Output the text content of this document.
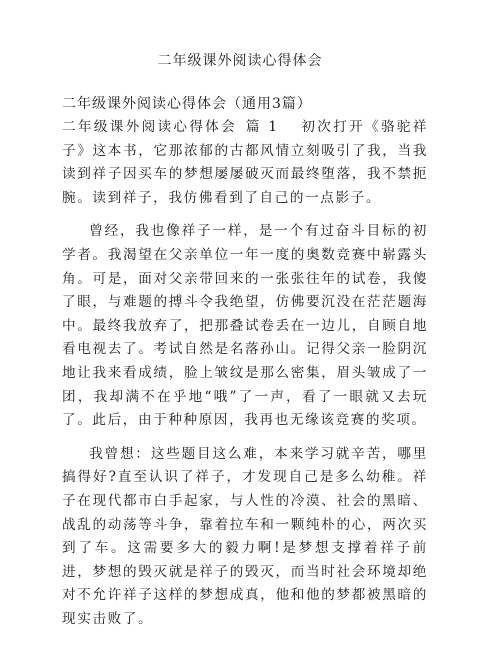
二年级课外阅读心得体会
二年级课外阅读心得体会（通用3篇）

二年级课外阅读心得体会 篇 1 初次打开《骆驼祥子》这本书，它那浓郁的古都风情立刻吸引了我，当我读到祥子因买车的梦想屡屡破灭而最终堕落，我不禁扼腕。读到祥子，我仿佛看到了自己的一点影子。

曾经，我也像祥子一样，是一个有过奋斗目标的初学者。我渴望在父亲单位一年一度的奥数竞赛中崭露头角。可是，面对父亲带回来的一张张往年的试卷，我傻了眼，与难题的搏斗令我绝望，仿佛要沉没在茫茫题海中。最终我放弃了，把那叠试卷丢在一边儿，自顾自地看电视去了。考试自然是名落孙山。记得父亲一脸阴沉地让我来看成绩，脸上皱纹是那么密集，眉头皱成了一团，我却满不在乎地“哦”了一声，看了一眼就又去玩了。此后，由于种种原因，我再也无缘该竞赛的奖项。

我曾想：这些题目这么难，本来学习就辛苦，哪里搞得好?直至认识了祥子，才发现自己是多么幼稚。祥子在现代都市白手起家，与人性的冷漠、社会的黑暗、战乱的动荡等斗争，靠着拉车和一颗纯朴的心，两次买到了车。这需要多大的毅力啊!是梦想支撑着祥子前进，梦想的毁灭就是祥子的毁灭，而当时社会环境却绝对不允许祥子这样的梦想成真，他和他的梦都被黑暗的现实击败了。
